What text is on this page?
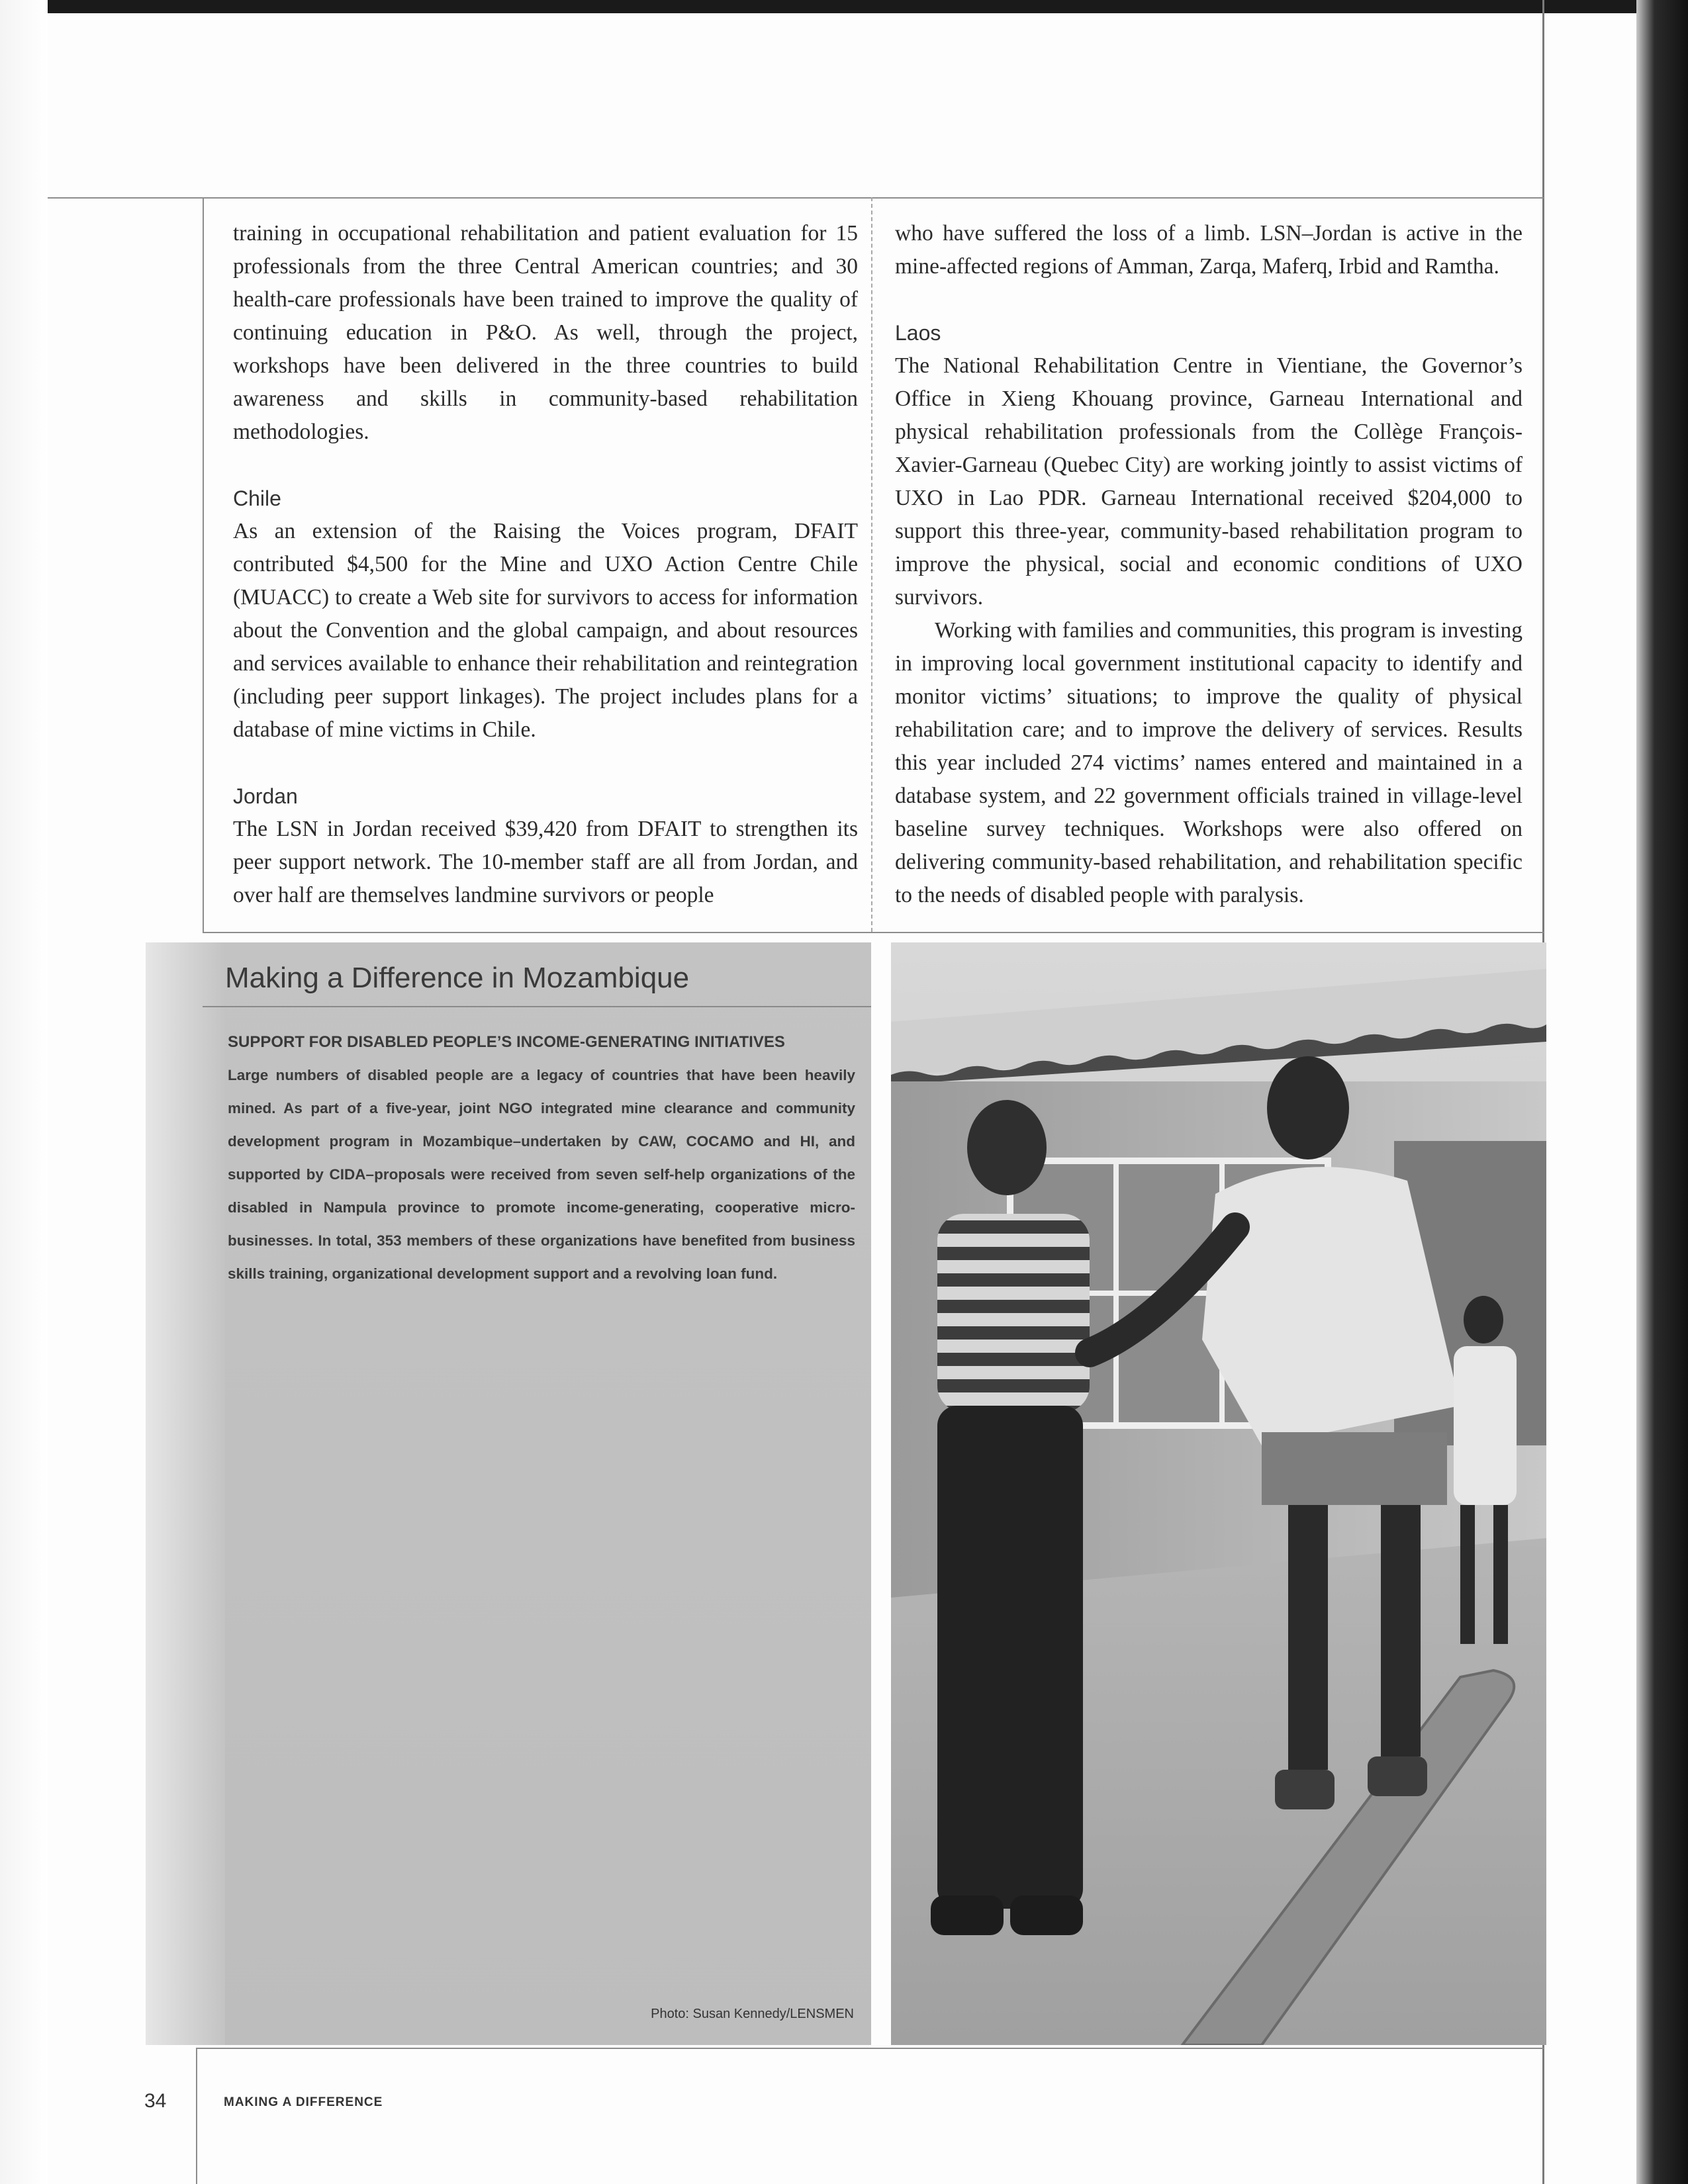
training in occupational rehabilitation and patient evaluation for 15 professionals from the three Central American countries; and 30 health-care professionals have been trained to improve the quality of continuing education in P&O. As well, through the project, workshops have been delivered in the three countries to build awareness and skills in community-based rehabilitation methodologies.

Chile

As an extension of the Raising the Voices program, DFAIT contributed $4,500 for the Mine and UXO Action Centre Chile (MUACC) to create a Web site for survivors to access for information about the Convention and the global campaign, and about resources and services available to enhance their rehabilitation and reintegration (including peer support linkages). The project includes plans for a database of mine victims in Chile.

Jordan

The LSN in Jordan received $39,420 from DFAIT to strengthen its peer support network. The 10-member staff are all from Jordan, and over half are themselves landmine survivors or people

who have suffered the loss of a limb. LSN–Jordan is active in the mine-affected regions of Amman, Zarqa, Maferq, Irbid and Ramtha.

Laos

The National Rehabilitation Centre in Vientiane, the Governor’s Office in Xieng Khouang province, Garneau International and physical rehabilitation professionals from the Collège François-Xavier-Garneau (Quebec City) are working jointly to assist victims of UXO in Lao PDR. Garneau International received $204,000 to support this three-year, community-based rehabilitation program to improve the physical, social and economic conditions of UXO survivors.

Working with families and communities, this program is investing in improving local government institutional capacity to identify and monitor victims’ situations; to improve the quality of physical rehabilitation care; and to improve the delivery of services. Results this year included 274 victims’ names entered and maintained in a database system, and 22 government officials trained in village-level baseline survey techniques. Workshops were also offered on delivering community-based rehabilitation, and rehabilitation specific to the needs of disabled people with paralysis.

Making a Difference in Mozambique
SUPPORT FOR DISABLED PEOPLE’S INCOME-GENERATING INITIATIVES
Large numbers of disabled people are a legacy of countries that have been heavily mined. As part of a five-year, joint NGO integrated mine clearance and community development program in Mozambique–undertaken by CAW, COCAMO and HI, and supported by CIDA–proposals were received from seven self-help organizations of the disabled in Nampula province to promote income-generating, cooperative micro-businesses. In total, 353 members of these organizations have benefited from business skills training, organizational development support and a revolving loan fund.
Photo: Susan Kennedy/LENSMEN
34	MAKING A DIFFERENCE
